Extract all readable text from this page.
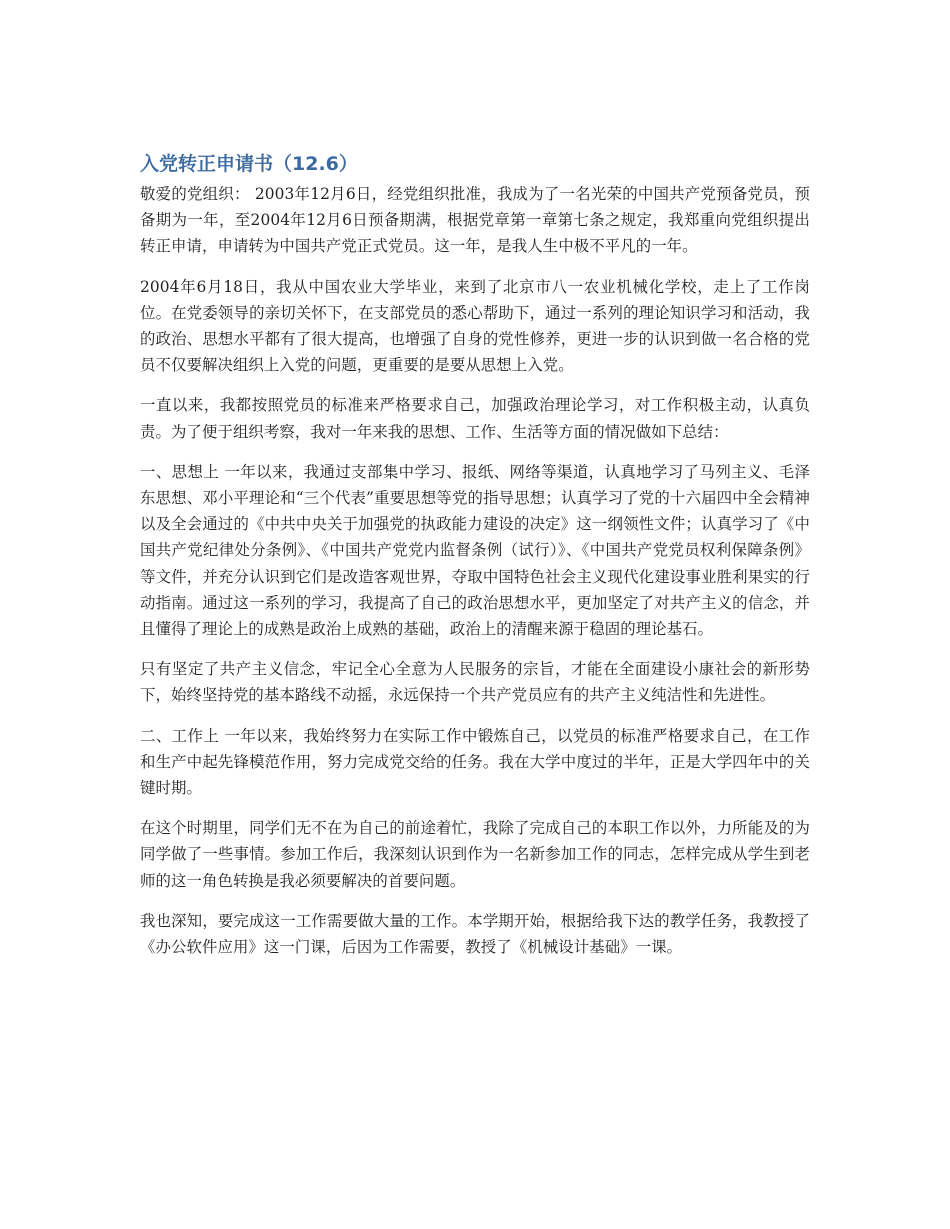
入党转正申请书（12.6）

敬爱的党组织： 2003年12月6日，经党组织批准，我成为了一名光荣的中国共产党预备党员，预备期为一年，至2004年12月6日预备期满，根据党章第一章第七条之规定，我郑重向党组织提出转正申请，申请转为中国共产党正式党员。这一年，是我人生中极不平凡的一年。

2004年6月18日，我从中国农业大学毕业，来到了北京市八一农业机械化学校，走上了工作岗位。在党委领导的亲切关怀下，在支部党员的悉心帮助下，通过一系列的理论知识学习和活动，我的政治、思想水平都有了很大提高，也增强了自身的党性修养，更进一步的认识到做一名合格的党员不仅要解决组织上入党的问题，更重要的是要从思想上入党。

一直以来，我都按照党员的标准来严格要求自己，加强政治理论学习，对工作积极主动，认真负责。为了便于组织考察，我对一年来我的思想、工作、生活等方面的情况做如下总结：

一、思想上 一年以来，我通过支部集中学习、报纸、网络等渠道，认真地学习了马列主义、毛泽东思想、邓小平理论和“三个代表”重要思想等党的指导思想；认真学习了党的十六届四中全会精神以及全会通过的《中共中央关于加强党的执政能力建设的决定》这一纲领性文件；认真学习了《中国共产党纪律处分条例》、《中国共产党党内监督条例（试行）》、《中国共产党党员权利保障条例》等文件，并充分认识到它们是改造客观世界，夺取中国特色社会主义现代化建设事业胜利果实的行动指南。通过这一系列的学习，我提高了自己的政治思想水平，更加坚定了对共产主义的信念，并且懂得了理论上的成熟是政治上成熟的基础，政治上的清醒来源于稳固的理论基石。

只有坚定了共产主义信念，牢记全心全意为人民服务的宗旨，才能在全面建设小康社会的新形势下，始终坚持党的基本路线不动摇，永远保持一个共产党员应有的共产主义纯洁性和先进性。

二、工作上 一年以来，我始终努力在实际工作中锻炼自己，以党员的标准严格要求自己，在工作和生产中起先锋模范作用，努力完成党交给的任务。我在大学中度过的半年，正是大学四年中的关键时期。

在这个时期里，同学们无不在为自己的前途着忙，我除了完成自己的本职工作以外，力所能及的为同学做了一些事情。参加工作后，我深刻认识到作为一名新参加工作的同志，怎样完成从学生到老师的这一角色转换是我必须要解决的首要问题。

我也深知，要完成这一工作需要做大量的工作。本学期开始，根据给我下达的教学任务，我教授了《办公软件应用》这一门课，后因为工作需要，教授了《机械设计基础》一课。
